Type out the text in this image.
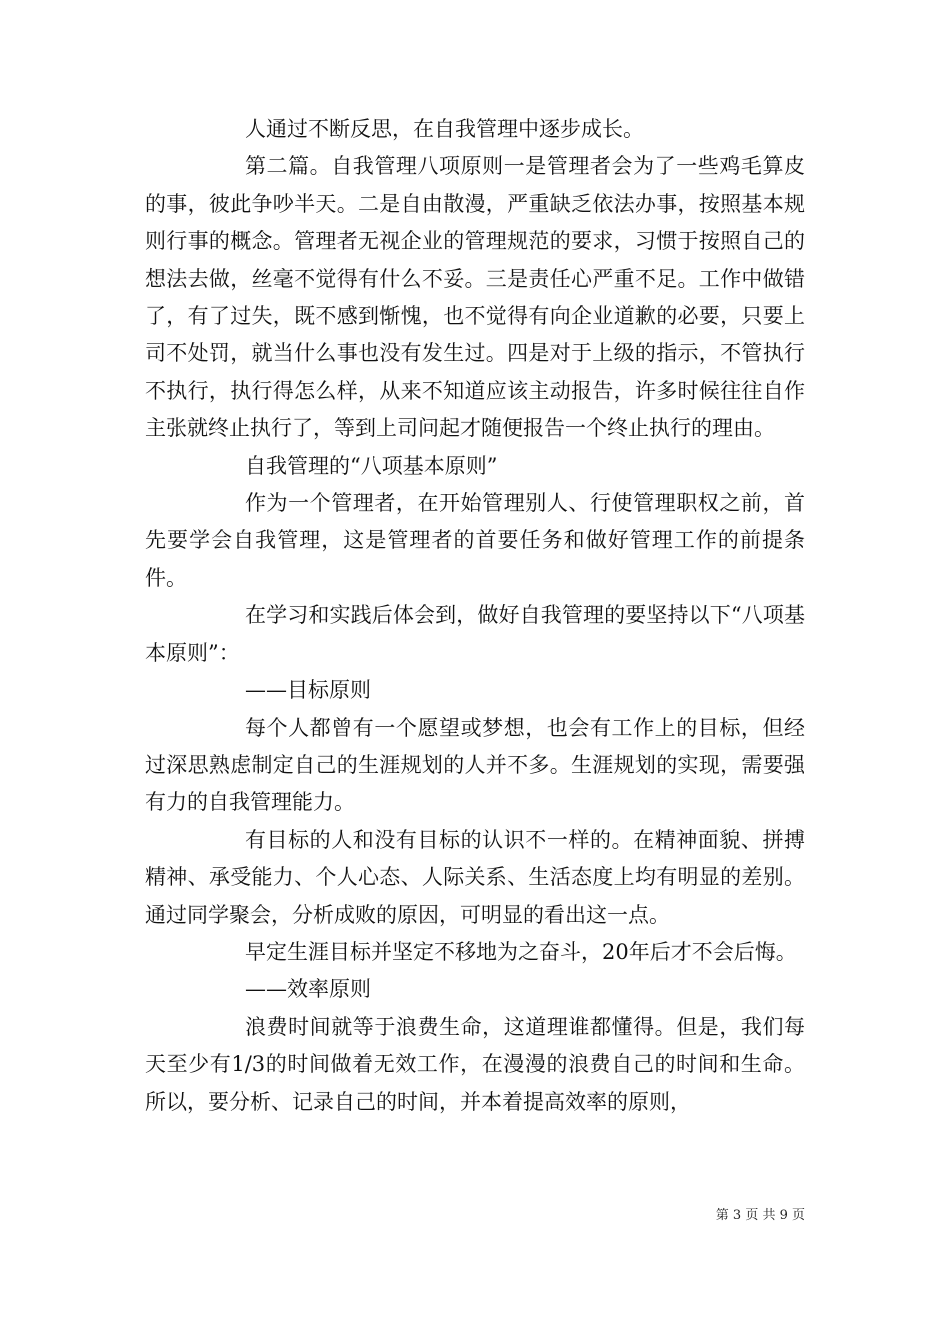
人通过不断反思，在自我管理中逐步成长。

第二篇。自我管理八项原则一是管理者会为了一些鸡毛算皮的事，彼此争吵半天。二是自由散漫，严重缺乏依法办事，按照基本规则行事的概念。管理者无视企业的管理规范的要求，习惯于按照自己的想法去做，丝毫不觉得有什么不妥。三是责任心严重不足。工作中做错了，有了过失，既不感到惭愧，也不觉得有向企业道歉的必要，只要上司不处罚，就当什么事也没有发生过。四是对于上级的指示，不管执行不执行，执行得怎么样，从来不知道应该主动报告，许多时候往往自作主张就终止执行了，等到上司问起才随便报告一个终止执行的理由。

自我管理的“八项基本原则”

作为一个管理者，在开始管理别人、行使管理职权之前，首先要学会自我管理，这是管理者的首要任务和做好管理工作的前提条件。

在学习和实践后体会到，做好自我管理的要坚持以下“八项基本原则”：

——目标原则

每个人都曾有一个愿望或梦想，也会有工作上的目标，但经过深思熟虑制定自己的生涯规划的人并不多。生涯规划的实现，需要强有力的自我管理能力。

有目标的人和没有目标的认识不一样的。在精神面貌、拼搏精神、承受能力、个人心态、人际关系、生活态度上均有明显的差别。通过同学聚会，分析成败的原因，可明显的看出这一点。

早定生涯目标并坚定不移地为之奋斗，20年后才不会后悔。

——效率原则

浪费时间就等于浪费生命，这道理谁都懂得。但是，我们每天至少有1/3的时间做着无效工作，在漫漫的浪费自己的时间和生命。所以，要分析、记录自己的时间，并本着提高效率的原则，

第 3 页 共 9 页
